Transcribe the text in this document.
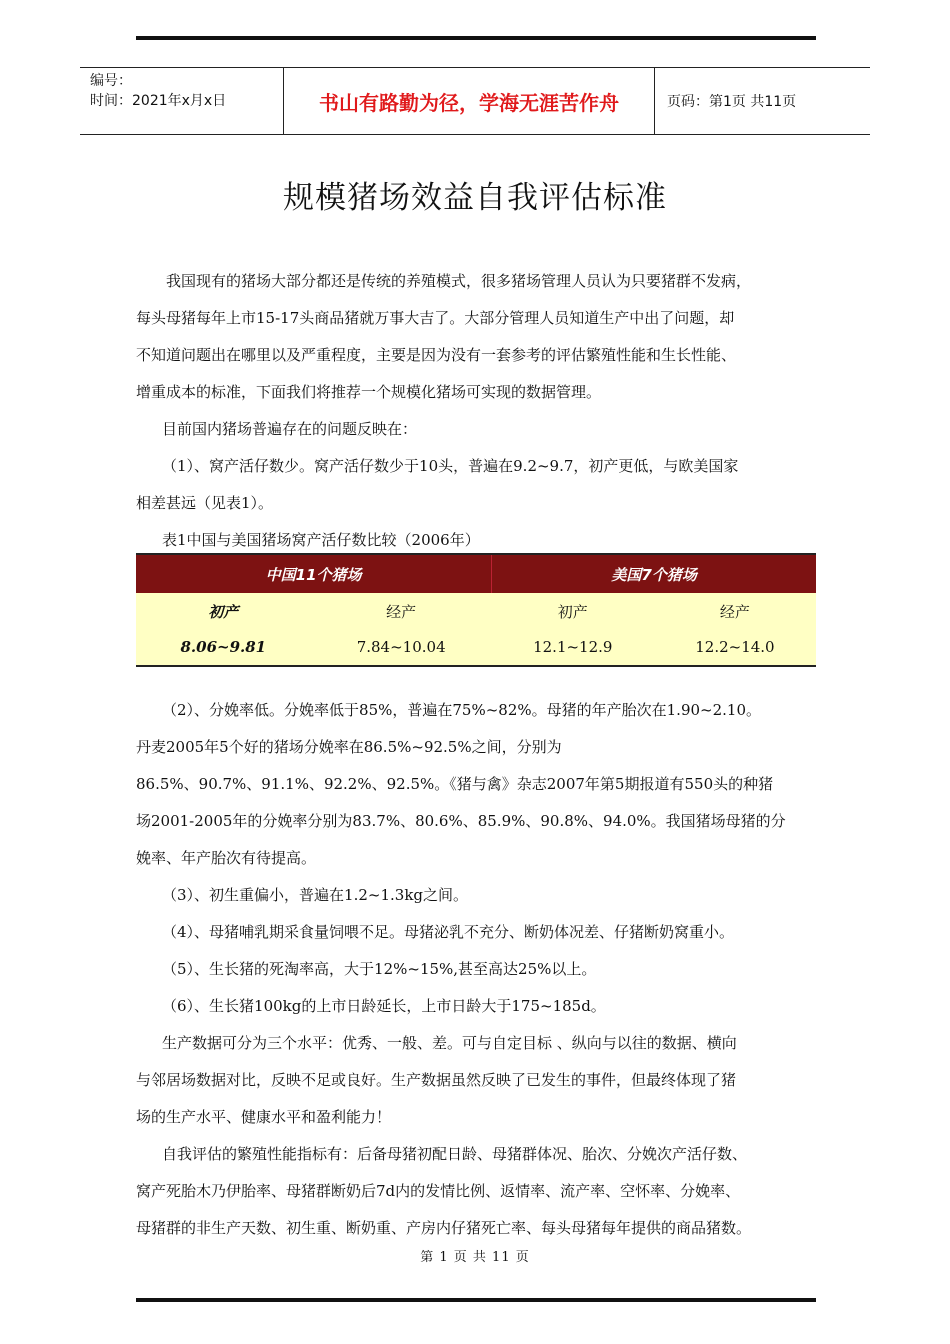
编号：
时间：2021年x月x日	书山有路勤为径，学海无涯苦作舟	页码：第1页 共11页
规模猪场效益自我评估标准

我国现有的猪场大部分都还是传统的养殖模式，很多猪场管理人员认为只要猪群不发病，

每头母猪每年上市15-17头商品猪就万事大吉了。大部分管理人员知道生产中出了问题，却

不知道问题出在哪里以及严重程度，主要是因为没有一套参考的评估繁殖性能和生长性能、

增重成本的标准，下面我们将推荐一个规模化猪场可实现的数据管理。

目前国内猪场普遍存在的问题反映在：

（1）、窝产活仔数少。窝产活仔数少于10头，普遍在9.2~9.7，初产更低，与欧美国家

相差甚远（见表1）。

表1中国与美国猪场窝产活仔数比较（2006年）

中国11个猪场		美国7个猪场	
初产	经产	初产	经产
8.06~9.81	7.84~10.04	12.1~12.9	12.2~14.0

（2）、分娩率低。分娩率低于85%，普遍在75%~82%。母猪的年产胎次在1.90~2.10。

丹麦2005年5个好的猪场分娩率在86.5%~92.5%之间，分别为

86.5%、90.7%、91.1%、92.2%、92.5%。《猪与禽》杂志2007年第5期报道有550头的种猪

场2001-2005年的分娩率分别为83.7%、80.6%、85.9%、90.8%、94.0%。我国猪场母猪的分

娩率、年产胎次有待提高。

（3）、初生重偏小，普遍在1.2~1.3kg之间。

（4）、母猪哺乳期采食量饲喂不足。母猪泌乳不充分、断奶体况差、仔猪断奶窝重小。

（5）、生长猪的死淘率高，大于12%~15%,甚至高达25%以上。

（6）、生长猪100kg的上市日龄延长，上市日龄大于175~185d。

生产数据可分为三个水平：优秀、一般、差。可与自定目标 、纵向与以往的数据、横向

与邻居场数据对比，反映不足或良好。生产数据虽然反映了已发生的事件，但最终体现了猪

场的生产水平、健康水平和盈利能力！

自我评估的繁殖性能指标有：后备母猪初配日龄、母猪群体况、胎次、分娩次产活仔数、

窝产死胎木乃伊胎率、母猪群断奶后7d内的发情比例、返情率、流产率、空怀率、分娩率、

母猪群的非生产天数、初生重、断奶重、产房内仔猪死亡率、每头母猪每年提供的商品猪数。

第 1 页 共 11 页
